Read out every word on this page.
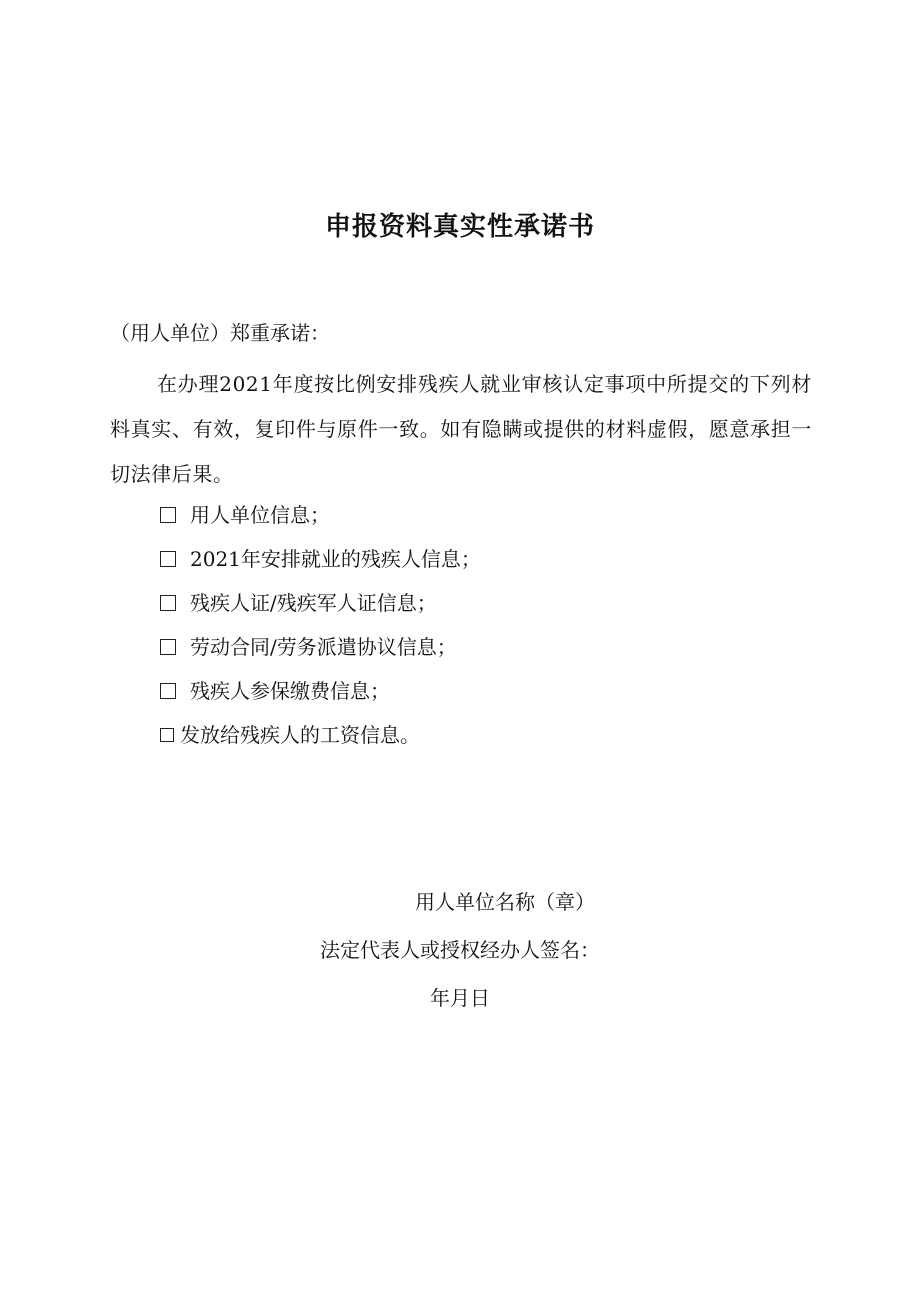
申报资料真实性承诺书
（用人单位）郑重承诺：
在办理2021年度按比例安排残疾人就业审核认定事项中所提交的下列材料真实、有效，复印件与原件一致。如有隐瞒或提供的材料虚假，愿意承担一切法律后果。
用人单位信息；
2021年安排就业的残疾人信息；
残疾人证/残疾军人证信息；
劳动合同/劳务派遣协议信息；
残疾人参保缴费信息；
发放给残疾人的工资信息。
用人单位名称（章）
法定代表人或授权经办人签名：
年月日
